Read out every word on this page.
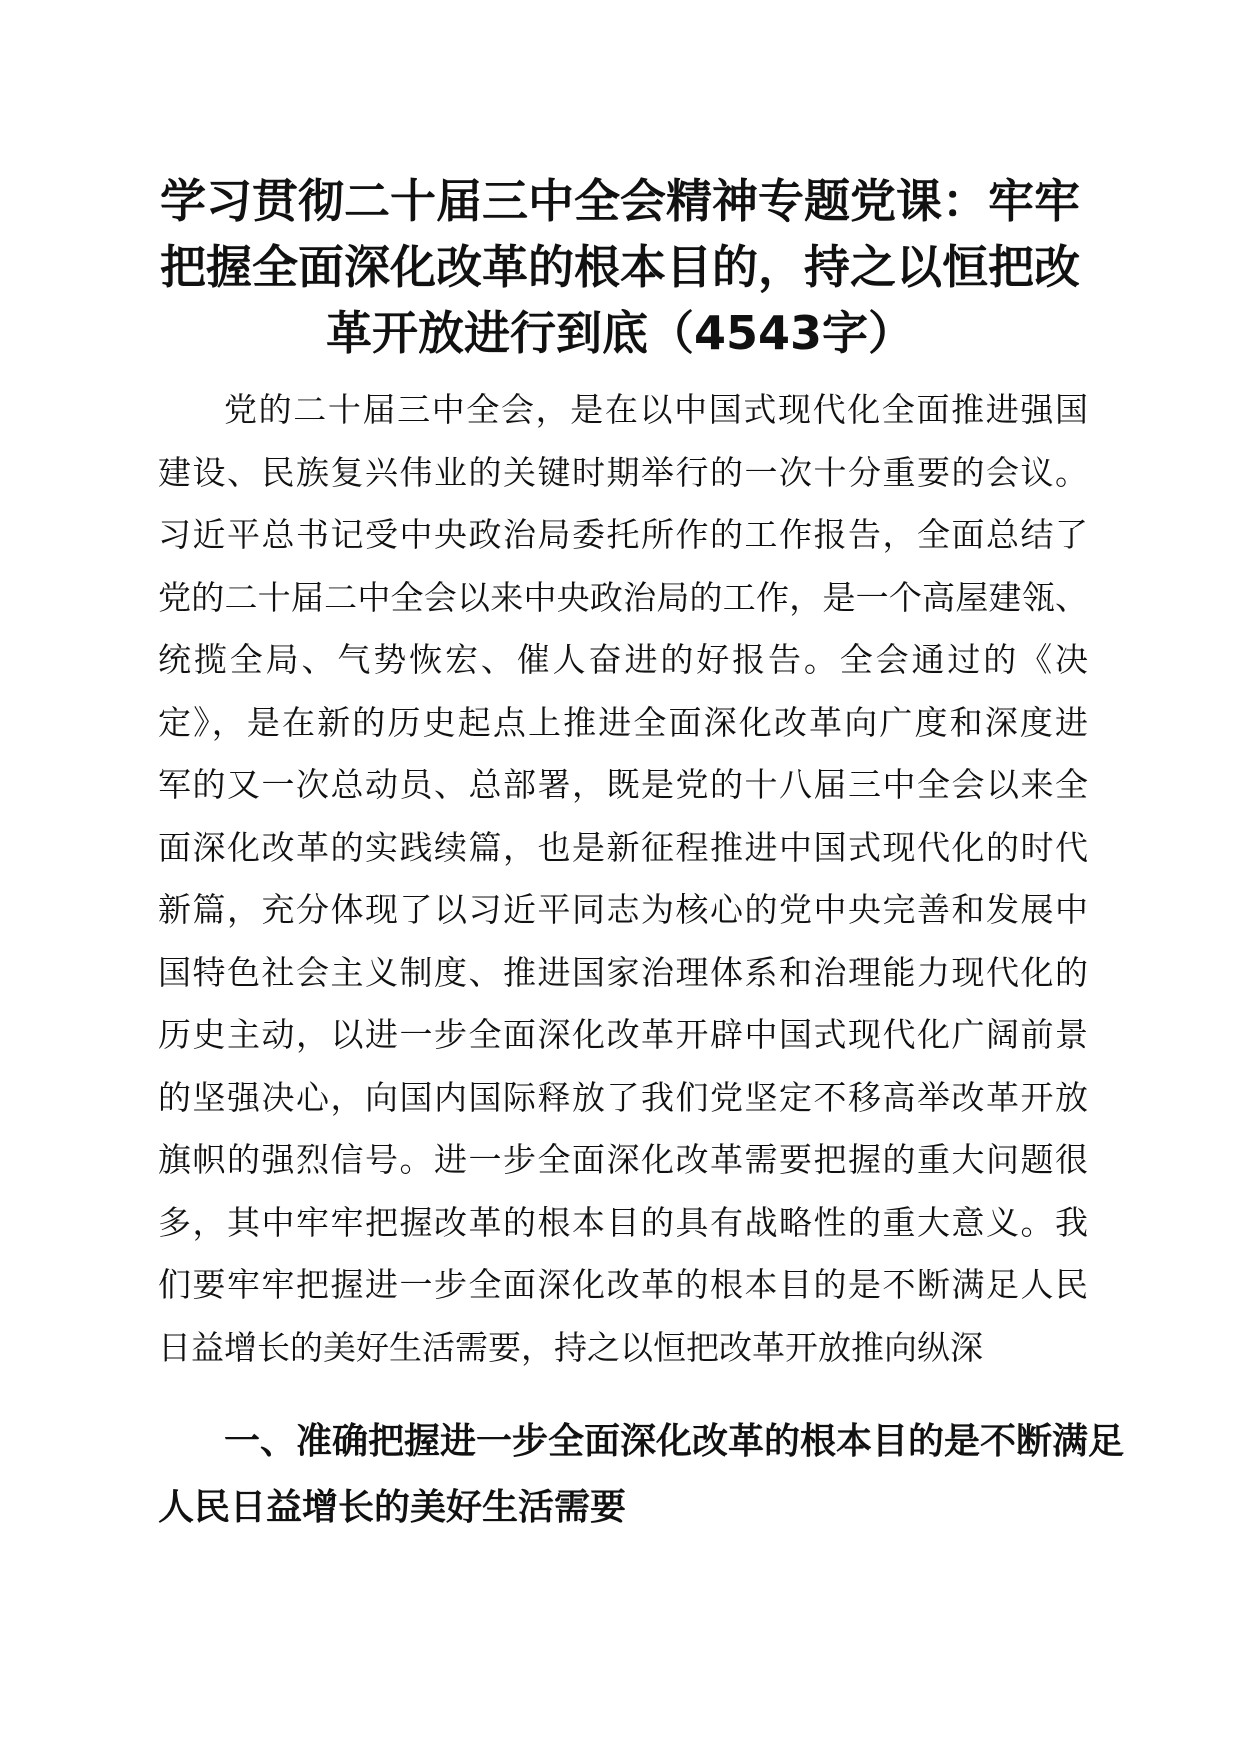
学习贯彻二十届三中全会精神专题党课：牢牢
把握全面深化改革的根本目的，持之以恒把改
革开放进行到底（4543字）
党的二十届三中全会，是在以中国式现代化全面推进强国
建设、民族复兴伟业的关键时期举行的一次十分重要的会议。
习近平总书记受中央政治局委托所作的工作报告，全面总结了
党的二十届二中全会以来中央政治局的工作，是一个高屋建瓴、
统揽全局、气势恢宏、催人奋进的好报告。全会通过的《决
定》，是在新的历史起点上推进全面深化改革向广度和深度进
军的又一次总动员、总部署，既是党的十八届三中全会以来全
面深化改革的实践续篇，也是新征程推进中国式现代化的时代
新篇，充分体现了以习近平同志为核心的党中央完善和发展中
国特色社会主义制度、推进国家治理体系和治理能力现代化的
历史主动，以进一步全面深化改革开辟中国式现代化广阔前景
的坚强决心，向国内国际释放了我们党坚定不移高举改革开放
旗帜的强烈信号。进一步全面深化改革需要把握的重大问题很
多，其中牢牢把握改革的根本目的具有战略性的重大意义。我
们要牢牢把握进一步全面深化改革的根本目的是不断满足人民
日益增长的美好生活需要，持之以恒把改革开放推向纵深
一、准确把握进一步全面深化改革的根本目的是不断满足
人民日益增长的美好生活需要
